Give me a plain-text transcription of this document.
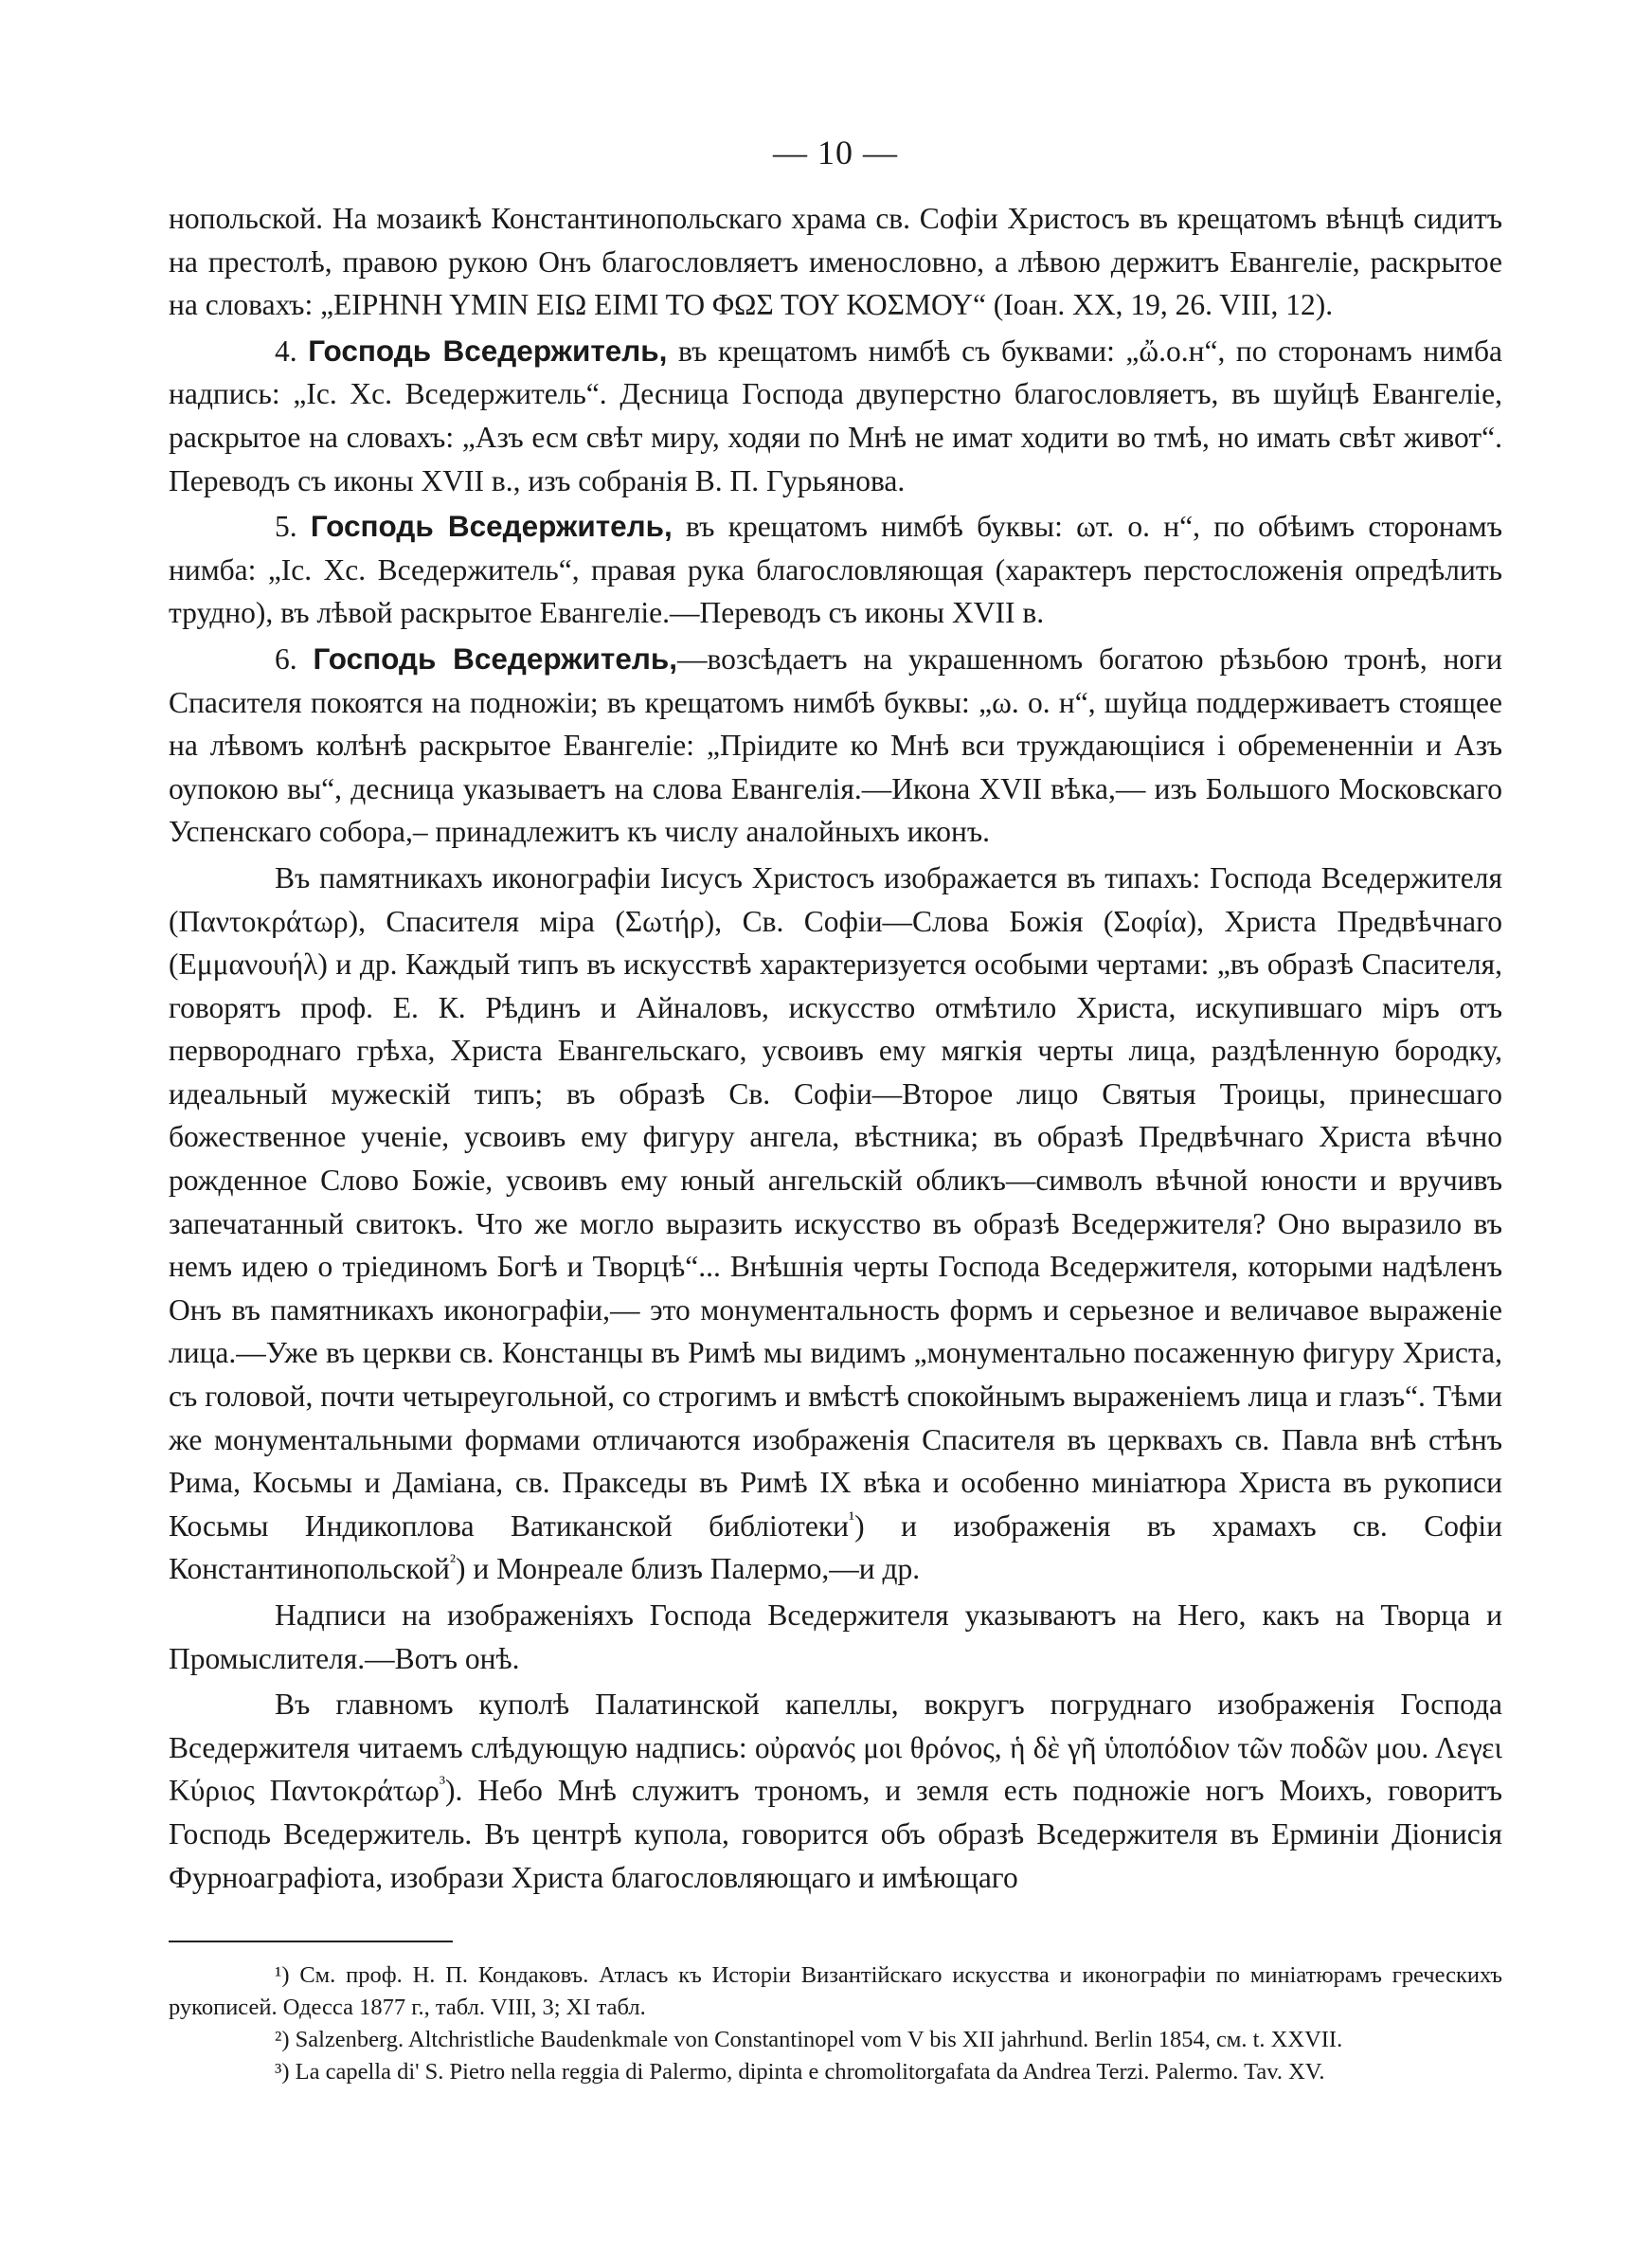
— 10 —

нопольской. На мозаикѣ Константинопольскаго храма св. Софіи Христосъ въ крещатомъ вѣнцѣ сидитъ на престолѣ, правою рукою Онъ благословляетъ именословно, а лѣвою держитъ Евангеліе, раскрытое на словахъ: „ΕΙΡΗΝΗ ΥΜΙΝ ΕΙΩ ΕΙΜΙ ΤΟ ΦΩΣ ΤΟΥ ΚΟΣΜΟΥ“ (Іоан. XX, 19, 26. VIII, 12).

4. Господь Вседержитель, въ крещатомъ нимбѣ съ буквами: „ὤ.ο.н“, по сторонамъ нимба надпись: „Іс. Хс. Вседержитель“. Десница Господа двуперстно благословляетъ, въ шуйцѣ Евангеліе, раскрытое на словахъ: „Азъ есм свѣт миру, ходяи по Мнѣ не имат ходити во тмѣ, но имать свѣт живот“. Переводъ съ иконы XVII в., изъ собранія В. П. Гурьянова.

5. Господь Вседержитель, въ крещатомъ нимбѣ буквы: ωт. о. н“, по обѣимъ сторонамъ нимба: „Іс. Хс. Вседержитель“, правая рука благословляющая (характеръ перстосложенія опредѣлить трудно), въ лѣвой раскрытое Евангеліе.—Переводъ съ иконы XVII в.

6. Господь Вседержитель,—возсѣдаетъ на украшенномъ богатою рѣзьбою тронѣ, ноги Спасителя покоятся на подножіи; въ крещатомъ нимбѣ буквы: „ω. о. н“, шуйца поддерживаетъ стоящее на лѣвомъ колѣнѣ раскрытое Евангеліе: „Пріидите ко Мнѣ вси труждающіися і обремененніи и Азъ оупокою вы“, десница указываетъ на слова Евангелія.—Икона XVII вѣка,— изъ Большого Московскаго Успенскаго собора,– принадлежитъ къ числу аналойныхъ иконъ.

Въ памятникахъ иконографіи Іисусъ Христосъ изображается въ типахъ: Господа Вседержителя (Παντοκράτωρ), Спасителя міра (Σωτήρ), Св. Софіи—Слова Божія (Σοφία), Христа Предвѣчнаго (Εμμανουήλ) и др. Каждый типъ въ искусствѣ характеризуется особыми чертами: „въ образѣ Спасителя, говорятъ проф. Е. К. Рѣдинъ и Айналовъ, искусство отмѣтило Христа, искупившаго міръ отъ первороднаго грѣха, Христа Евангельскаго, усвоивъ ему мягкія черты лица, раздѣленную бородку, идеальный мужескій типъ; въ образѣ Св. Софіи—Второе лицо Святыя Троицы, принесшаго божественное ученіе, усвоивъ ему фигуру ангела, вѣстника; въ образѣ Предвѣчнаго Христа вѣчно рожденное Слово Божіе, усвоивъ ему юный ангельскій обликъ—символъ вѣчной юности и вручивъ запечатанный свитокъ. Что же могло выразить искусство въ образѣ Вседержителя? Оно выразило въ немъ идею о тріединомъ Богѣ и Творцѣ“... Внѣшнія черты Господа Вседержителя, которыми надѣленъ Онъ въ памятникахъ иконографіи,— это монументальность формъ и серьезное и величавое выраженіе лица.—Уже въ церкви св. Констанцы въ Римѣ мы видимъ „монументально посаженную фигуру Христа, съ головой, почти четыреугольной, со строгимъ и вмѣстѣ спокойнымъ выраженіемъ лица и глазъ“. Тѣми же монументальными формами отличаются изображенія Спасителя въ церквахъ св. Павла внѣ стѣнъ Рима, Косьмы и Даміана, св. Пракседы въ Римѣ IX вѣка и особенно миніатюра Христа въ рукописи Косьмы Индикоплова Ватиканской библіотеки$^{^1}$) и изображенія въ храмахъ св. Софіи Константинопольской$^{^2}$) и Монреале близъ Палермо,—и др.

Надписи на изображеніяхъ Господа Вседержителя указываютъ на Него, какъ на Творца и Промыслителя.—Вотъ онѣ.

Въ главномъ куполѣ Палатинской капеллы, вокругъ погруднаго изображенія Господа Вседержителя читаемъ слѣдующую надпись: οὐρανός μοι θρόνος, ἡ δὲ γῆ ὑποπόδιον τῶν ποδῶν μου. Λεγει Κύριος Παντοκράτωρ$^{^3}$). Небо Мнѣ служитъ трономъ, и земля есть подножіе ногъ Моихъ, говоритъ Господь Вседержитель. Въ центрѣ купола, говорится объ образѣ Вседержителя въ Ерминіи Діонисія Фурноаграфіота, изобрази Христа благословляющаго и имѣющаго

¹) См. проф. Н. П. Кондаковъ. Атласъ къ Исторіи Византійскаго искусства и иконографіи по миніатюрамъ греческихъ рукописей. Одесса 1877 г., табл. VIII, 3; XI табл.

²) Salzenberg. Altchristliche Baudenkmale von Constantinopel vom V bis XII jahrhund. Berlin 1854, см. t. XXVII.

³) La capella di' S. Pietro nella reggia di Palermo, dipinta e chromolitorgafata da Andrea Terzi. Palermo. Tav. XV.
